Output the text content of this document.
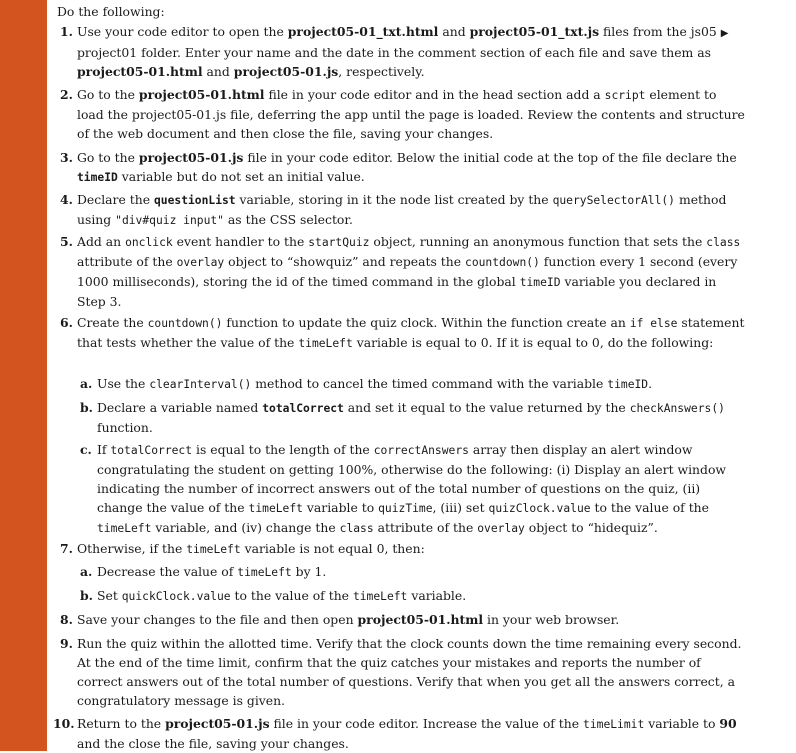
Do the following:
1. Use your code editor to open the project05-01_txt.html and project05-01_txt.js files from the js05 ▶
project01 folder. Enter your name and the date in the comment section of each file and save them as project05-01.html and project05-01.js, respectively.
2. Go to the project05-01.html file in your code editor and in the head section add a script element to load the project05-01.js file, deferring the app until the page is loaded. Review the contents and structure of the web document and then close the file, saving your changes.
3. Go to the project05-01.js file in your code editor. Below the initial code at the top of the file declare the timeID variable but do not set an initial value.
4. Declare the questionList variable, storing in it the node list created by the querySelectorAll() method using "div#quiz input" as the CSS selector.
5. Add an onclick event handler to the startQuiz object, running an anonymous function that sets the class attribute of the overlay object to “showquiz” and repeats the countdown() function every 1 second (every 1000 milliseconds), storing the id of the timed command in the global timeID variable you declared in Step 3.
6. Create the countdown() function to update the quiz clock. Within the function create an if else statement that tests whether the value of the timeLeft variable is equal to 0. If it is equal to 0, do the following:
a. Use the clearInterval() method to cancel the timed command with the variable timeID.
b. Declare a variable named totalCorrect and set it equal to the value returned by the checkAnswers() function.
c. If totalCorrect is equal to the length of the correctAnswers array then display an alert window congratulating the student on getting 100%, otherwise do the following: (i) Display an alert window indicating the number of incorrect answers out of the total number of questions on the quiz, (ii) change the value of the timeLeft variable to quizTime, (iii) set quizClock.value to the value of the timeLeft variable, and (iv) change the class attribute of the overlay object to “hidequiz”.
7. Otherwise, if the timeLeft variable is not equal 0, then:
a. Decrease the value of timeLeft by 1.
b. Set quickClock.value to the value of the timeLeft variable.
8. Save your changes to the file and then open project05-01.html in your web browser.
9. Run the quiz within the allotted time. Verify that the clock counts down the time remaining every second. At the end of the time limit, confirm that the quiz catches your mistakes and reports the number of correct answers out of the total number of questions. Verify that when you get all the answers correct, a congratulatory message is given.
10. Return to the project05-01.js file in your code editor. Increase the value of the timeLimit variable to 90 and the close the file, saving your changes.
